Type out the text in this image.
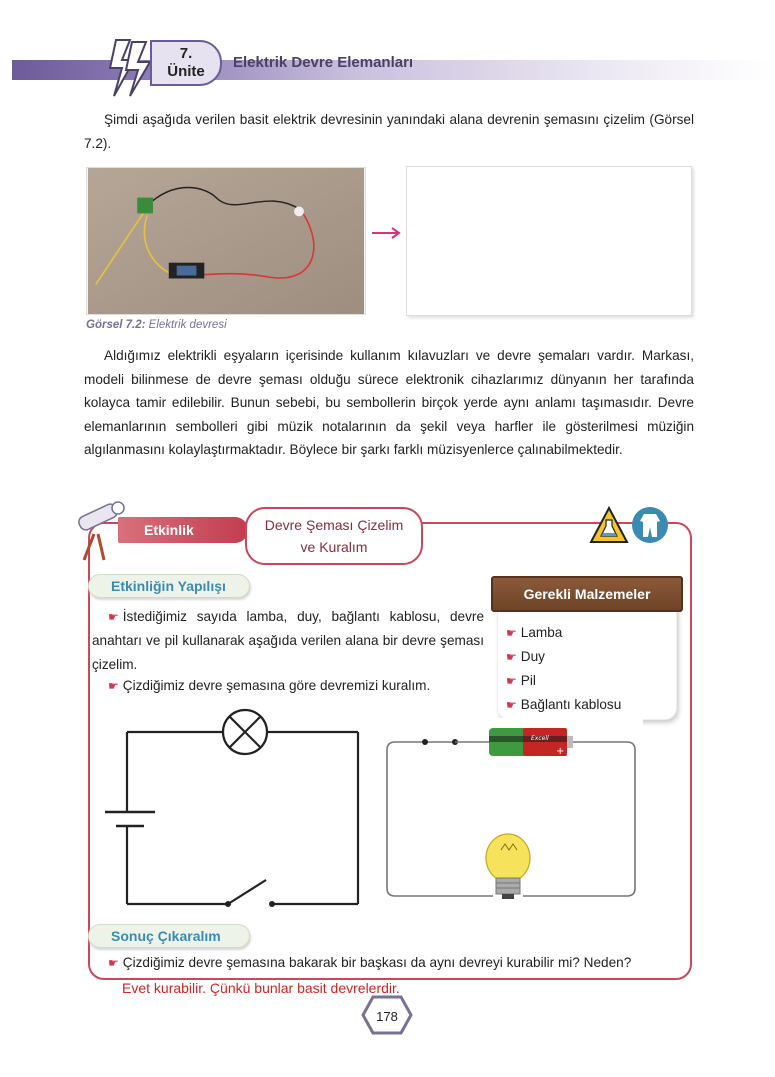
7.
Ünite
Elektrik Devre Elemanları

Şimdi aşağıda verilen basit elektrik devresinin yanındaki alana devrenin şemasını çizelim (Görsel 7.2).

Görsel 7.2: Elektrik devresi

Aldığımız elektrikli eşyaların içerisinde kullanım kılavuzları ve devre şemaları vardır. Markası, modeli bilinmese de devre şeması olduğu sürece elektronik cihazlarımız dünyanın her tarafında kolayca tamir edilebilir. Bunun sebebi, bu sembollerin birçok yerde aynı anlamı taşımasıdır. Devre elemanlarının sembolleri gibi müzik notalarının da şekil veya harfler ile gösterilmesi müziğin algılanmasını kolaylaştırmaktadır. Böylece bir şarkı farklı müzisyenlerce çalınabilmektedir.

Etkinlik	Devre Şeması Çizelim
ve Kuralım
Etkinliğin Yapılışı
☛ İstediğimiz sayıda lamba, duy, bağlantı kablosu, devre anahtarı ve pil kullanarak aşağıda verilen alana bir devre şeması çizelim.
☛ Çizdiğimiz devre şemasına göre devremizi kuralım.
Gerekli Malzemeler
☛ Lamba
☛ Duy
☛ Pil
☛ Bağlantı kablosu
Excell
+
Sonuç Çıkaralım
☛ Çizdiğimiz devre şemasına bakarak bir başkası da aynı devreyi kurabilir mi? Neden?
Evet kurabilir. Çünkü bunlar basit devrelerdir.
178
